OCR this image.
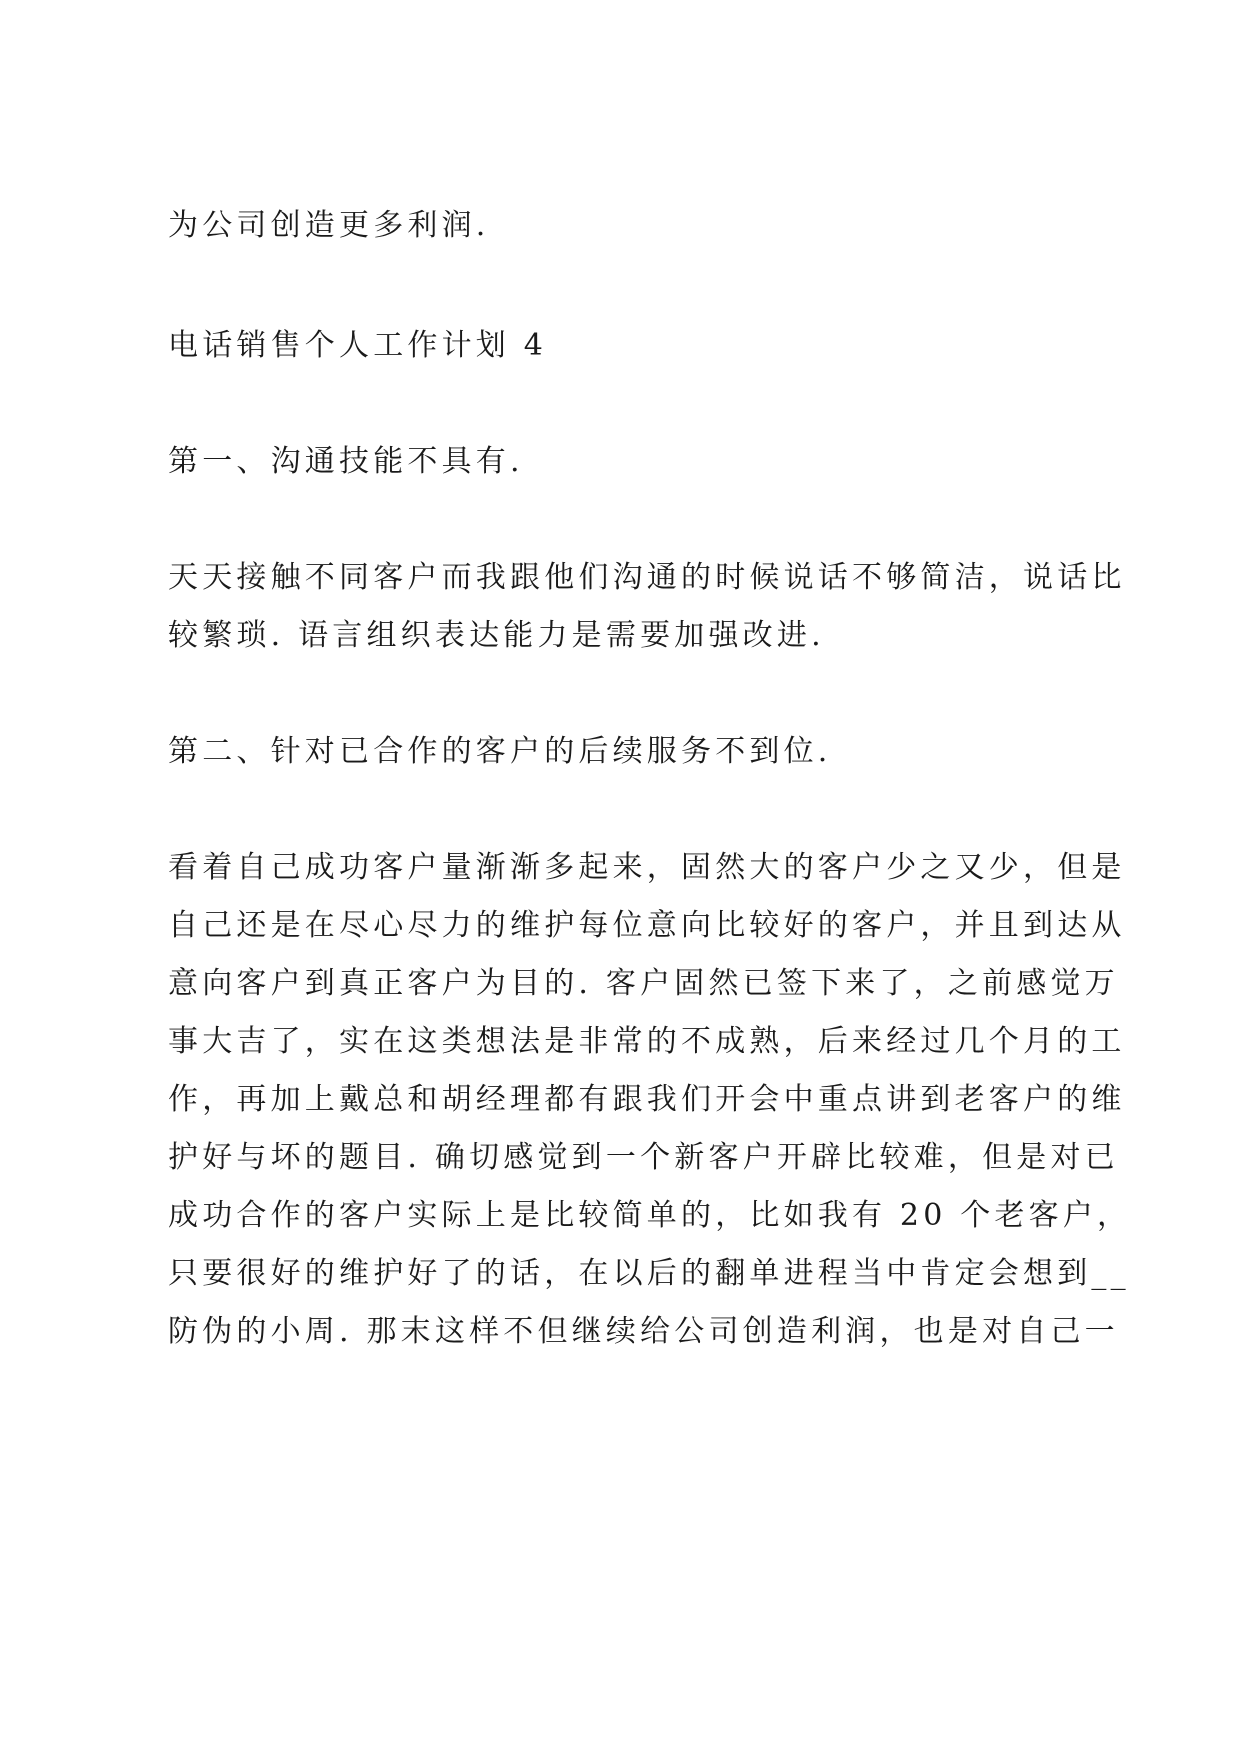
为公司创造更多利润.
电话销售个人工作计划 4
第一、沟通技能不具有.
天天接触不同客户而我跟他们沟通的时候说话不够简洁，说话比
较繁琐. 语言组织表达能力是需要加强改进.
第二、针对已合作的客户的后续服务不到位.
看着自己成功客户量渐渐多起来，固然大的客户少之又少，但是
自己还是在尽心尽力的维护每位意向比较好的客户，并且到达从
意向客户到真正客户为目的. 客户固然已签下来了，之前感觉万
事大吉了，实在这类想法是非常的不成熟，后来经过几个月的工
作，再加上戴总和胡经理都有跟我们开会中重点讲到老客户的维
护好与坏的题目. 确切感觉到一个新客户开辟比较难，但是对已
成功合作的客户实际上是比较简单的，比如我有 20 个老客户，
只要很好的维护好了的话，在以后的翻单进程当中肯定会想到__
防伪的小周. 那末这样不但继续给公司创造利润，也是对自己一
